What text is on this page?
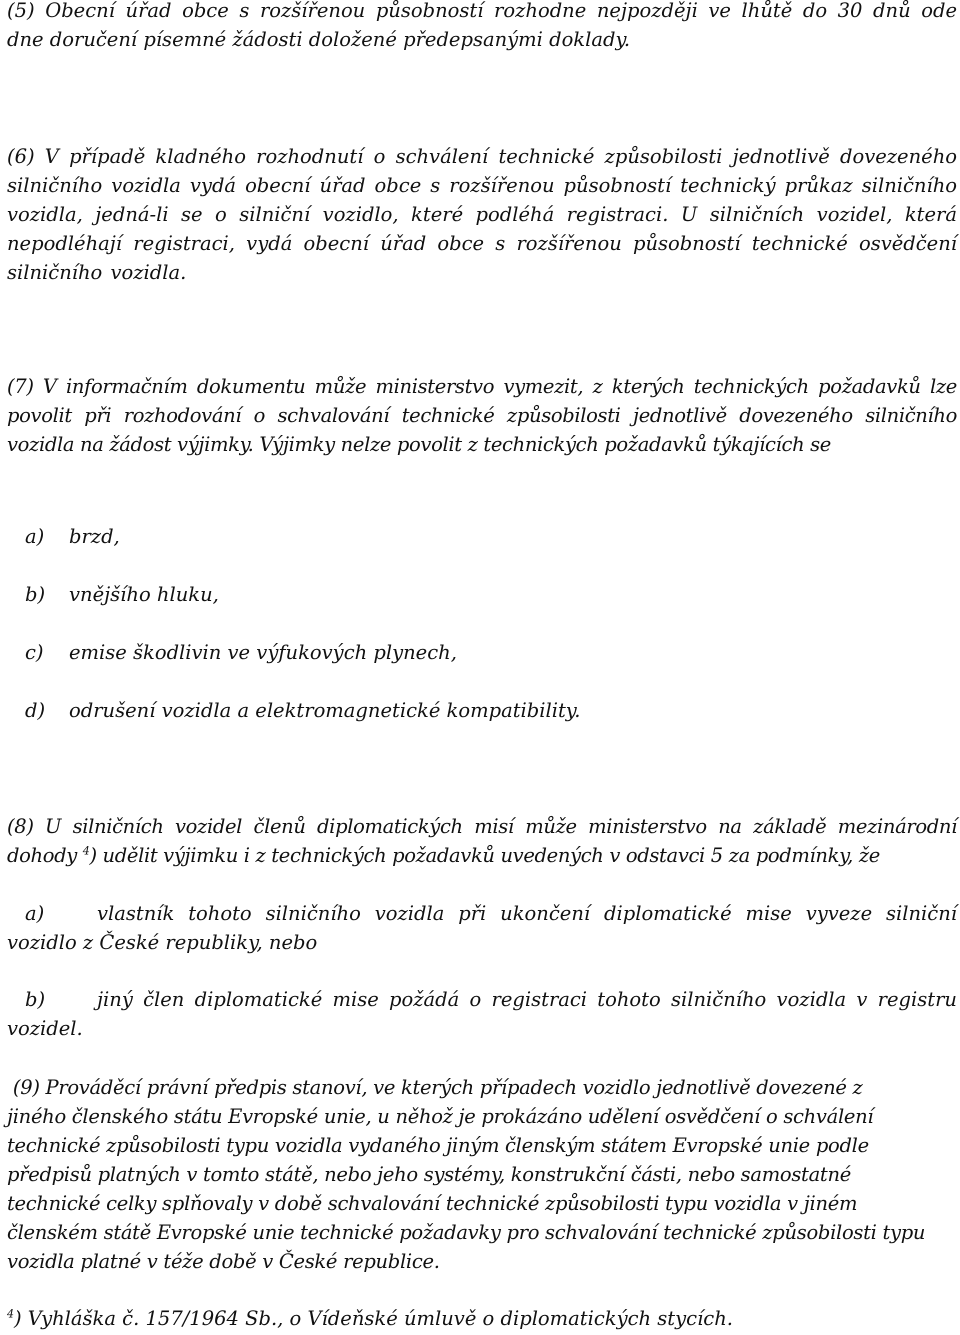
(5) Obecní úřad obce s rozšířenou působností rozhodne nejpozději ve lhůtě do 30 dnů ode
dne doručení písemné žádosti doložené předepsanými doklady.

(6) V případě kladného rozhodnutí o schválení technické způsobilosti jednotlivě dovezeného silničního vozidla vydá obecní úřad obce s rozšířenou působností technický průkaz silničního vozidla, jedná-li se o silniční vozidlo, které podléhá registraci. U silničních vozidel, která nepodléhají registraci, vydá obecní úřad obce s rozšířenou působností technické osvědčení silničního vozidla.

(7) V informačním dokumentu může ministerstvo vymezit, z kterých technických požadavků lze povolit při rozhodování o schvalování technické způsobilosti jednotlivě dovezeného silničního vozidla na žádost výjimky. Výjimky nelze povolit z technických požadavků týkajících se

a) brzd,
b) vnějšího hluku,
c) emise škodlivin ve výfukových plynech,
d) odrušení vozidla a elektromagnetické kompatibility.
(8) U silničních vozidel členů diplomatických misí může ministerstvo na základě mezinárodní
dohody $^4$) udělit výjimku i z technických požadavků uvedených v odstavci 5 za podmínky, že
a)	vlastník tohoto silničního vozidla při ukončení diplomatické mise vyveze silniční vozidlo z České republiky, nebo
b)	jiný člen diplomatické mise požádá o registraci tohoto silničního vozidla v registru vozidel.

(9) Prováděcí právní předpis stanoví, ve kterých případech vozidlo jednotlivě dovezené z jiného členského státu Evropské unie, u něhož je prokázáno udělení osvědčení o schválení technické způsobilosti typu vozidla vydaného jiným členským státem Evropské unie podle předpisů platných v tomto státě, nebo jeho systémy, konstrukční části, nebo samostatné technické celky splňovaly v době schvalování technické způsobilosti typu vozidla v jiném členském státě Evropské unie technické požadavky pro schvalování technické způsobilosti typu vozidla platné v téže době v České republice.

$^4$) Vyhláška č. 157/1964 Sb., o Vídeňské úmluvě o diplomatických stycích.
